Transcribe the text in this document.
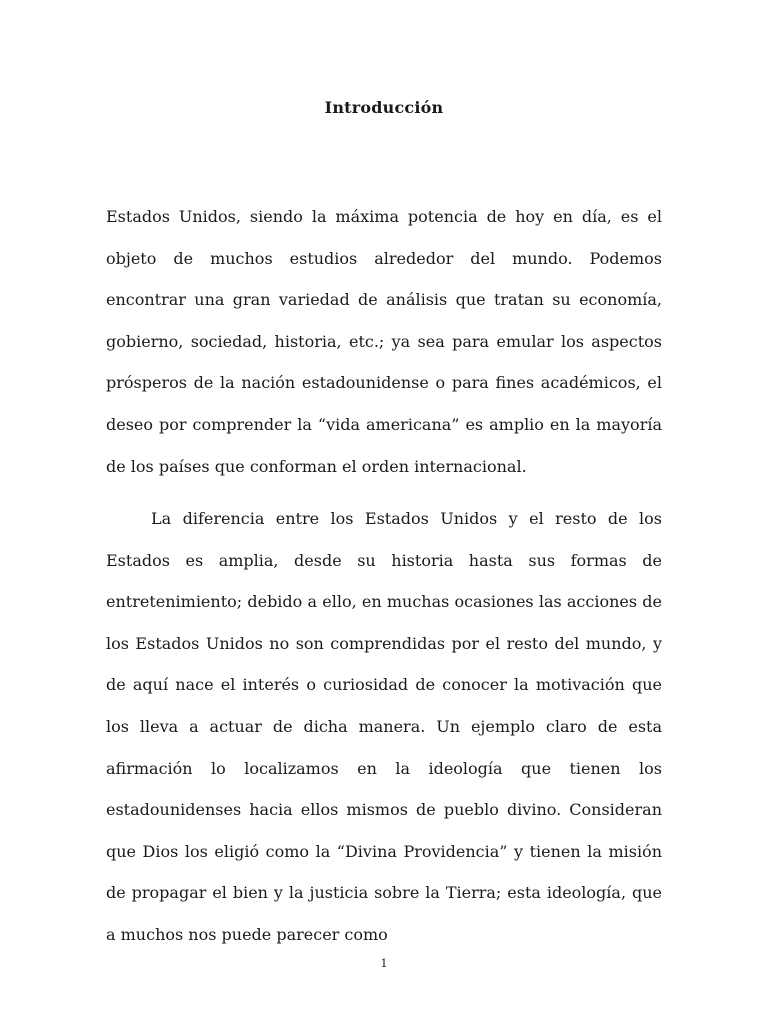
Introducción

Estados Unidos, siendo la máxima potencia de hoy en día, es el objeto de muchos estudios alrededor del mundo. Podemos encontrar una gran variedad de análisis que tratan su economía, gobierno, sociedad, historia, etc.; ya sea para emular los aspectos prósperos de la nación estadounidense o para fines académicos, el deseo por comprender la “vida americana” es amplio en la mayoría de los países que conforman el orden internacional.

La diferencia entre los Estados Unidos y el resto de los Estados es amplia, desde su historia hasta sus formas de entretenimiento; debido a ello, en muchas ocasiones las acciones de los Estados Unidos no son comprendidas por el resto del mundo, y de aquí nace el interés o curiosidad de conocer la motivación que los lleva a actuar de dicha manera. Un ejemplo claro de esta afirmación lo localizamos en la ideología que tienen los estadounidenses hacia ellos mismos de pueblo divino. Consideran que Dios los eligió como la “Divina Providencia” y tienen la misión de propagar el bien y la justicia sobre la Tierra; esta ideología, que a muchos nos puede parecer como

1
